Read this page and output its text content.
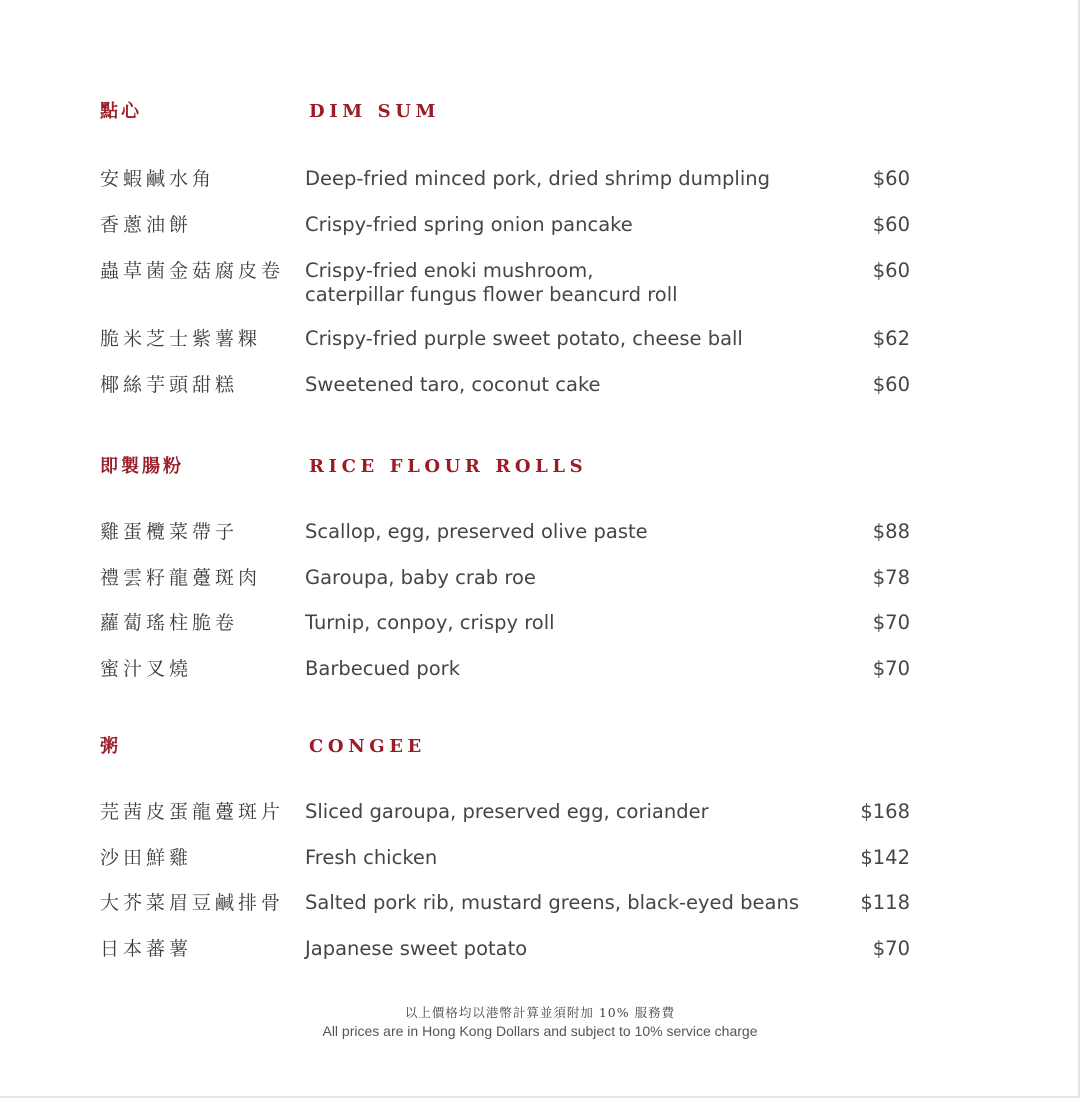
點心	DIM SUM
安蝦鹹水角	Deep-fried minced pork, dried shrimp dumpling	$60
香蔥油餅	Crispy-fried spring onion pancake	$60
蟲草菌金菇腐皮卷 Crispy-fried enoki mushroom,
caterpillar fungus flower beancurd roll
$60
脆米芝士紫薯粿 Crispy-fried purple sweet potato, cheese ball	$62
椰絲芋頭甜糕	Sweetened taro, coconut cake	$60
即製腸粉	RICE FLOUR ROLLS
雞蛋欖菜帶子	Scallop, egg, preserved olive paste	$88
禮雲籽龍躉斑肉 Garoupa, baby crab roe	$78
蘿蔔瑤柱脆卷	Turnip, conpoy, crispy roll	$70
蜜汁叉燒	Barbecued pork	$70
粥	CONGEE
芫茜皮蛋龍躉斑片 Sliced garoupa, preserved egg, coriander	$168
沙田鮮雞	Fresh chicken	$142
大芥菜眉豆鹹排骨 Salted pork rib, mustard greens, black-eyed beans	$118
日本蕃薯	Japanese sweet potato	$70
以上價格均以港幣計算並須附加 10% 服務費
All prices are in Hong Kong Dollars and subject to 10% service charge
